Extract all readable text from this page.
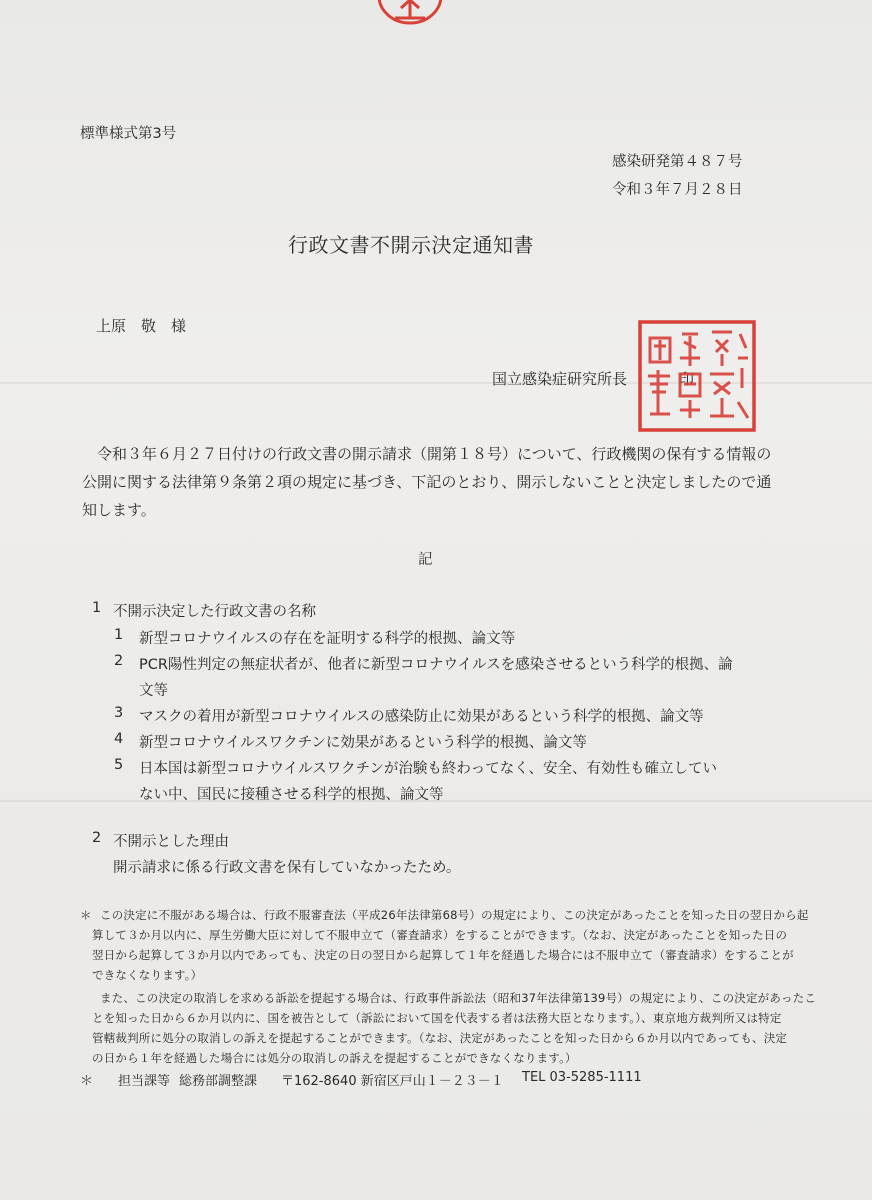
標準様式第3号
感染研発第４８７号
令和３年７月２８日
行政文書不開示決定通知書
上原　敬　様
国立感染症研究所長	印
令和３年６月２７日付けの行政文書の開示請求（開第１８号）について、行政機関の保有する情報の公開に関する法律第９条第２項の規定に基づき、下記のとおり、開示しないことと決定しましたので通知します。
記
1 不開示決定した行政文書の名称
1 新型コロナウイルスの存在を証明する科学的根拠、論文等
2 PCR陽性判定の無症状者が、他者に新型コロナウイルスを感染させるという科学的根拠、論
文等
3 マスクの着用が新型コロナウイルスの感染防止に効果があるという科学的根拠、論文等
4 新型コロナウイルスワクチンに効果があるという科学的根拠、論文等
5 日本国は新型コロナウイルスワクチンが治験も終わってなく、安全、有効性も確立してい
ない中、国民に接種させる科学的根拠、論文等
2 不開示とした理由
開示請求に係る行政文書を保有していなかったため。
＊ この決定に不服がある場合は、行政不服審査法（平成26年法律第68号）の規定により、この決定があったことを知った日の翌日から起
算して３か月以内に、厚生労働大臣に対して不服申立て（審査請求）をすることができます。（なお、決定があったことを知った日の
翌日から起算して３か月以内であっても、決定の日の翌日から起算して１年を経過した場合には不服申立て（審査請求）をすることが
できなくなります。）
また、この決定の取消しを求める訴訟を提起する場合は、行政事件訴訟法（昭和37年法律第139号）の規定により、この決定があったこ
とを知った日から６か月以内に、国を被告として（訴訟において国を代表する者は法務大臣となります。）、東京地方裁判所又は特定
管轄裁判所に処分の取消しの訴えを提起することができます。（なお、決定があったことを知った日から６か月以内であっても、決定
の日から１年を経過した場合には処分の取消しの訴えを提起することができなくなります。）
＊ 担当課等 総務部調整課 〒162-8640 新宿区戸山１－２３－１ TEL 03-5285-1111
